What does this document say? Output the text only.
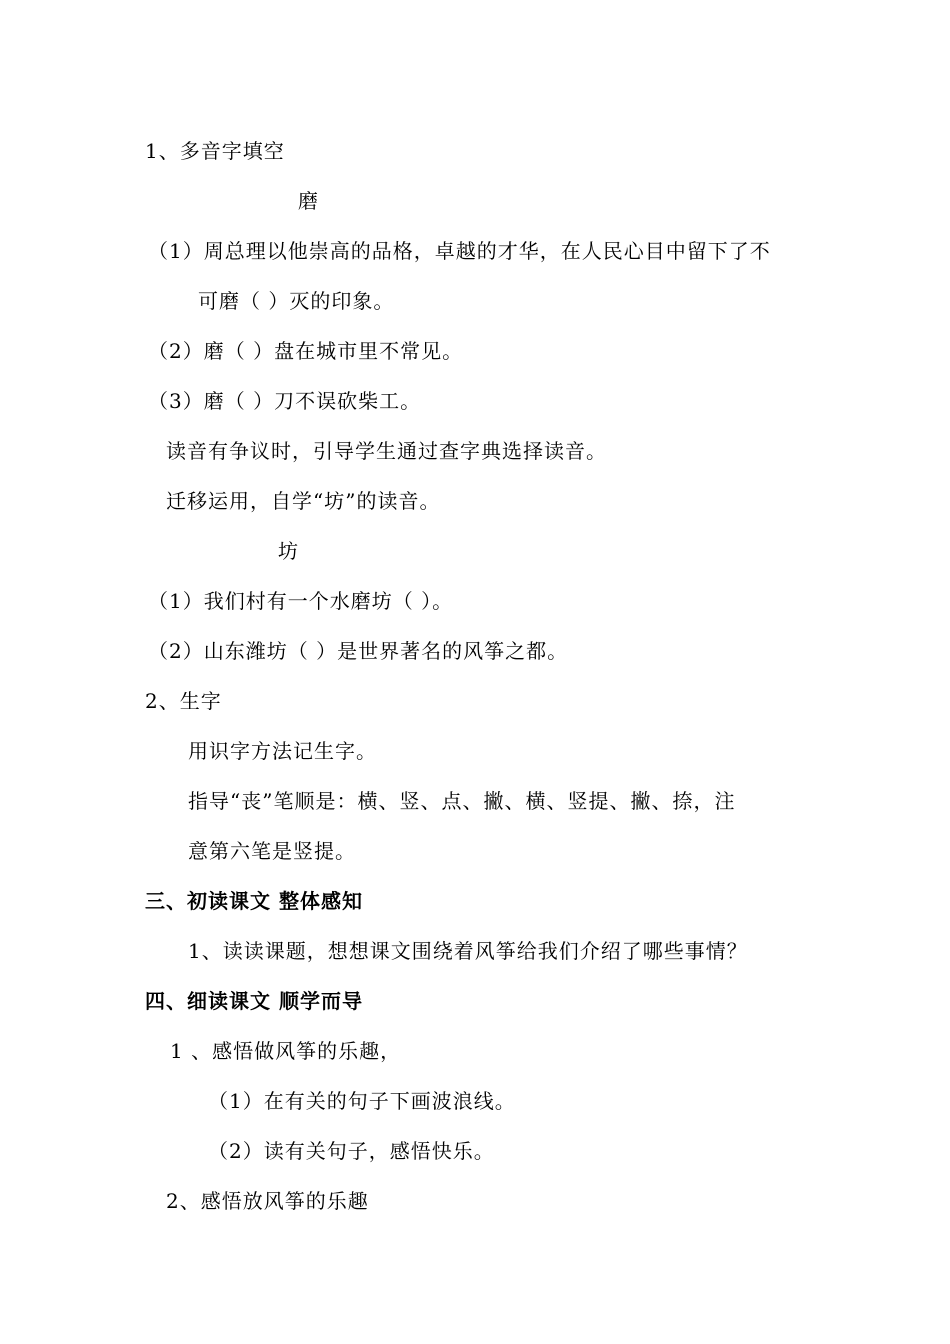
1、多音字填空
磨
（1）周总理以他崇高的品格，卓越的才华，在人民心目中留下了不
可磨（ ）灭的印象。
（2）磨（ ）盘在城市里不常见。
（3）磨（ ）刀不误砍柴工。
读音有争议时，引导学生通过查字典选择读音。
迁移运用，自学“坊”的读音。
坊
（1）我们村有一个水磨坊（ ）。
（2）山东潍坊（ ）是世界著名的风筝之都。
2、生字
用识字方法记生字。
指导“丧”笔顺是：横、竖、点、撇、横、竖提、撇、捺，注
意第六笔是竖提。
三、初读课文 整体感知
1、读读课题，想想课文围绕着风筝给我们介绍了哪些事情？
四、细读课文 顺学而导
1 、感悟做风筝的乐趣，
（1）在有关的句子下画波浪线。
（2）读有关句子，感悟快乐。
2、感悟放风筝的乐趣
